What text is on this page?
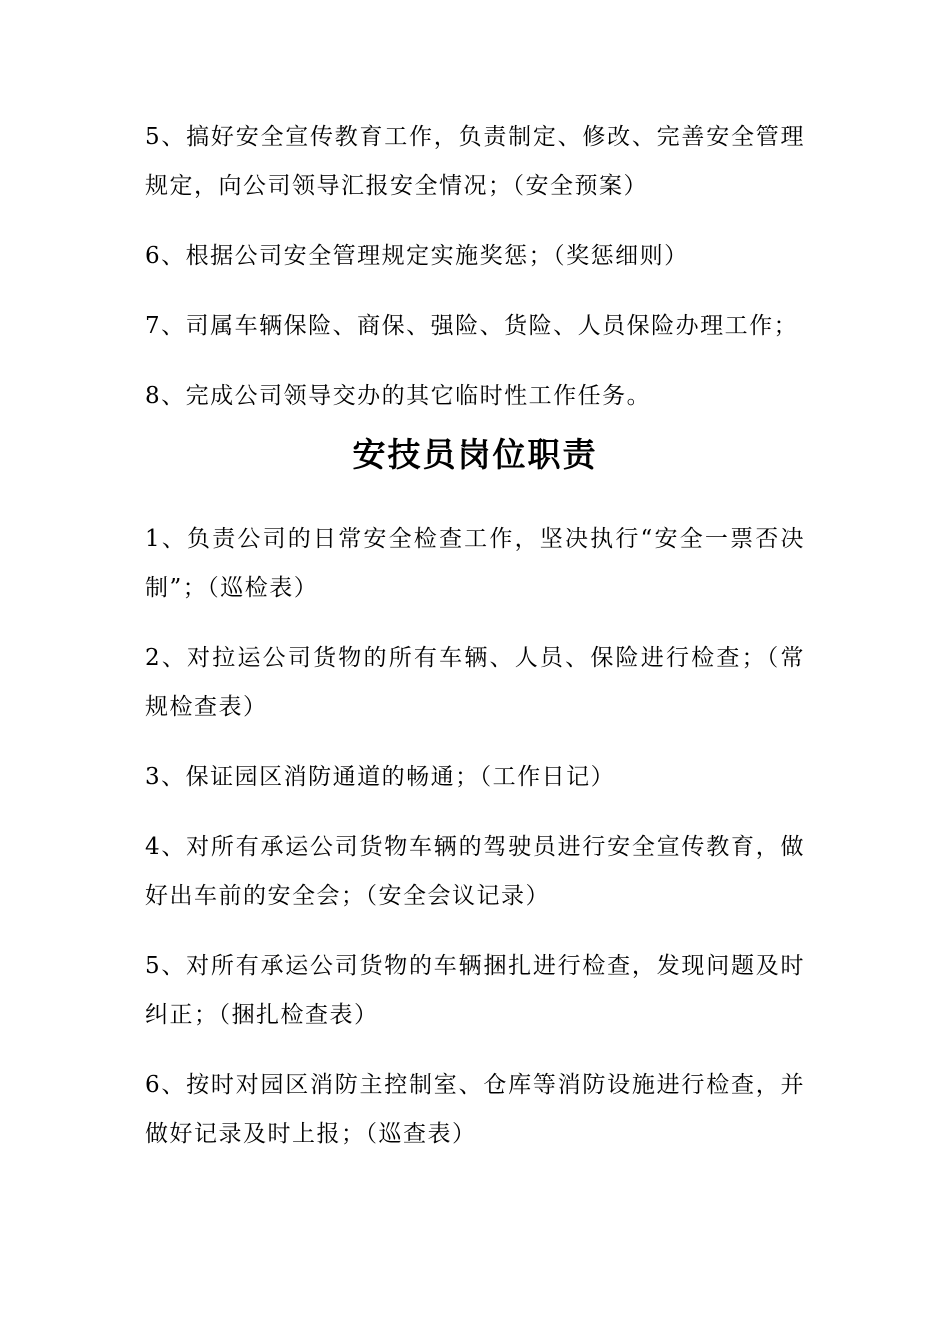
5、搞好安全宣传教育工作，负责制定、修改、完善安全管理规定，向公司领导汇报安全情况；（安全预案）

6、根据公司安全管理规定实施奖惩；（奖惩细则）

7、司属车辆保险、商保、强险、货险、人员保险办理工作；

8、完成公司领导交办的其它临时性工作任务。

安技员岗位职责

1、负责公司的日常安全检查工作，坚决执行“安全一票否决制”；（巡检表）

2、对拉运公司货物的所有车辆、人员、保险进行检查；（常规检查表）

3、保证园区消防通道的畅通；（工作日记）

4、对所有承运公司货物车辆的驾驶员进行安全宣传教育，做好出车前的安全会；（安全会议记录）

5、对所有承运公司货物的车辆捆扎进行检查，发现问题及时纠正；（捆扎检查表）

6、按时对园区消防主控制室、仓库等消防设施进行检查，并做好记录及时上报；（巡查表）
